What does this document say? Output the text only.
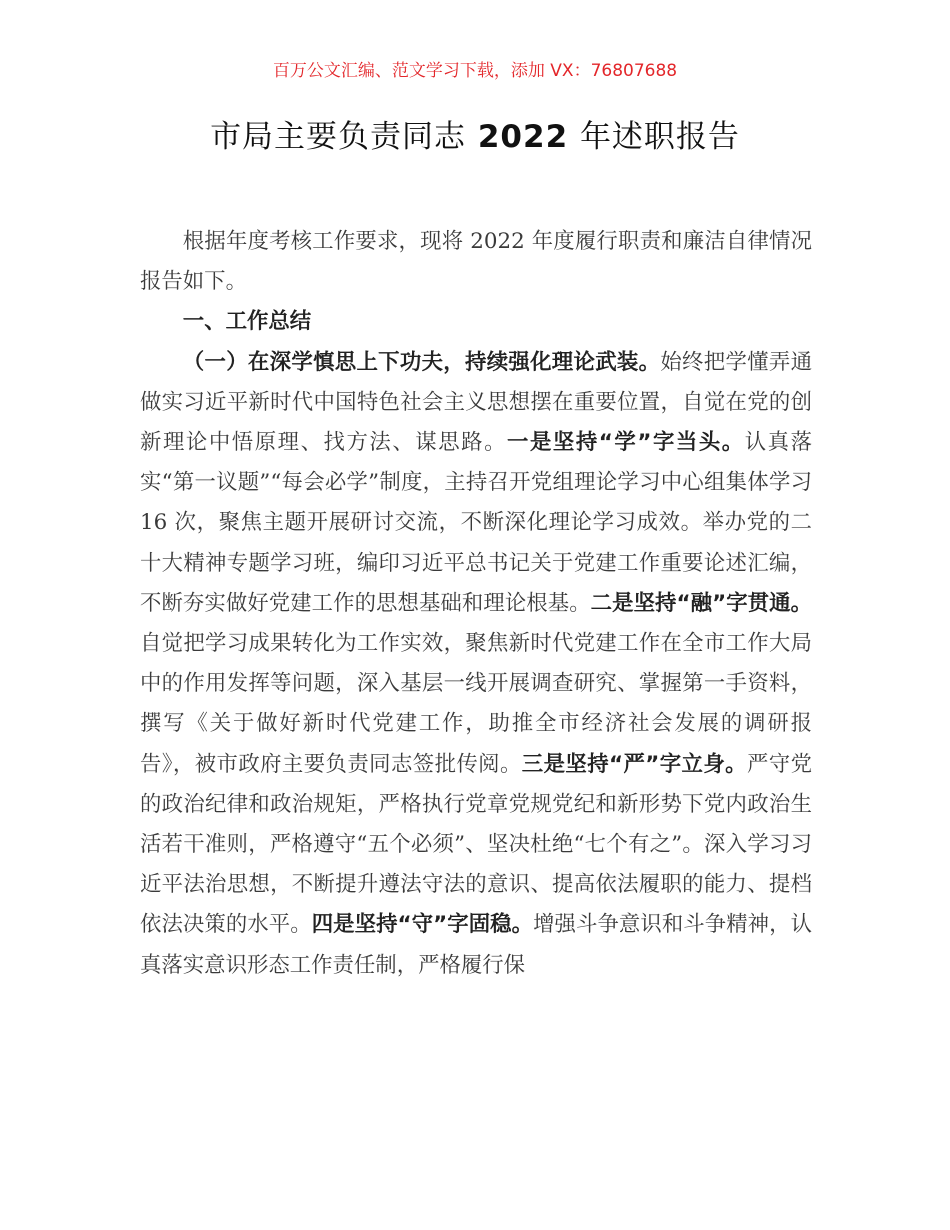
百万公文汇编、范文学习下载，添加 VX：76807688
市局主要负责同志 2022 年述职报告

根据年度考核工作要求，现将 2022 年度履行职责和廉洁自律情况报告如下。

一、工作总结

（一）在深学慎思上下功夫，持续强化理论武装。始终把学懂弄通做实习近平新时代中国特色社会主义思想摆在重要位置，自觉在党的创新理论中悟原理、找方法、谋思路。一是坚持“学”字当头。认真落实“第一议题”“每会必学”制度，主持召开党组理论学习中心组集体学习 16 次，聚焦主题开展研讨交流，不断深化理论学习成效。举办党的二十大精神专题学习班，编印习近平总书记关于党建工作重要论述汇编，不断夯实做好党建工作的思想基础和理论根基。二是坚持“融”字贯通。自觉把学习成果转化为工作实效，聚焦新时代党建工作在全市工作大局中的作用发挥等问题，深入基层一线开展调查研究、掌握第一手资料，撰写《关于做好新时代党建工作，助推全市经济社会发展的调研报告》，被市政府主要负责同志签批传阅。三是坚持“严”字立身。严守党的政治纪律和政治规矩，严格执行党章党规党纪和新形势下党内政治生活若干准则，严格遵守“五个必须”、坚决杜绝“七个有之”。深入学习习近平法治思想，不断提升遵法守法的意识、提高依法履职的能力、提档依法决策的水平。四是坚持“守”字固稳。增强斗争意识和斗争精神，认真落实意识形态工作责任制，严格履行保
